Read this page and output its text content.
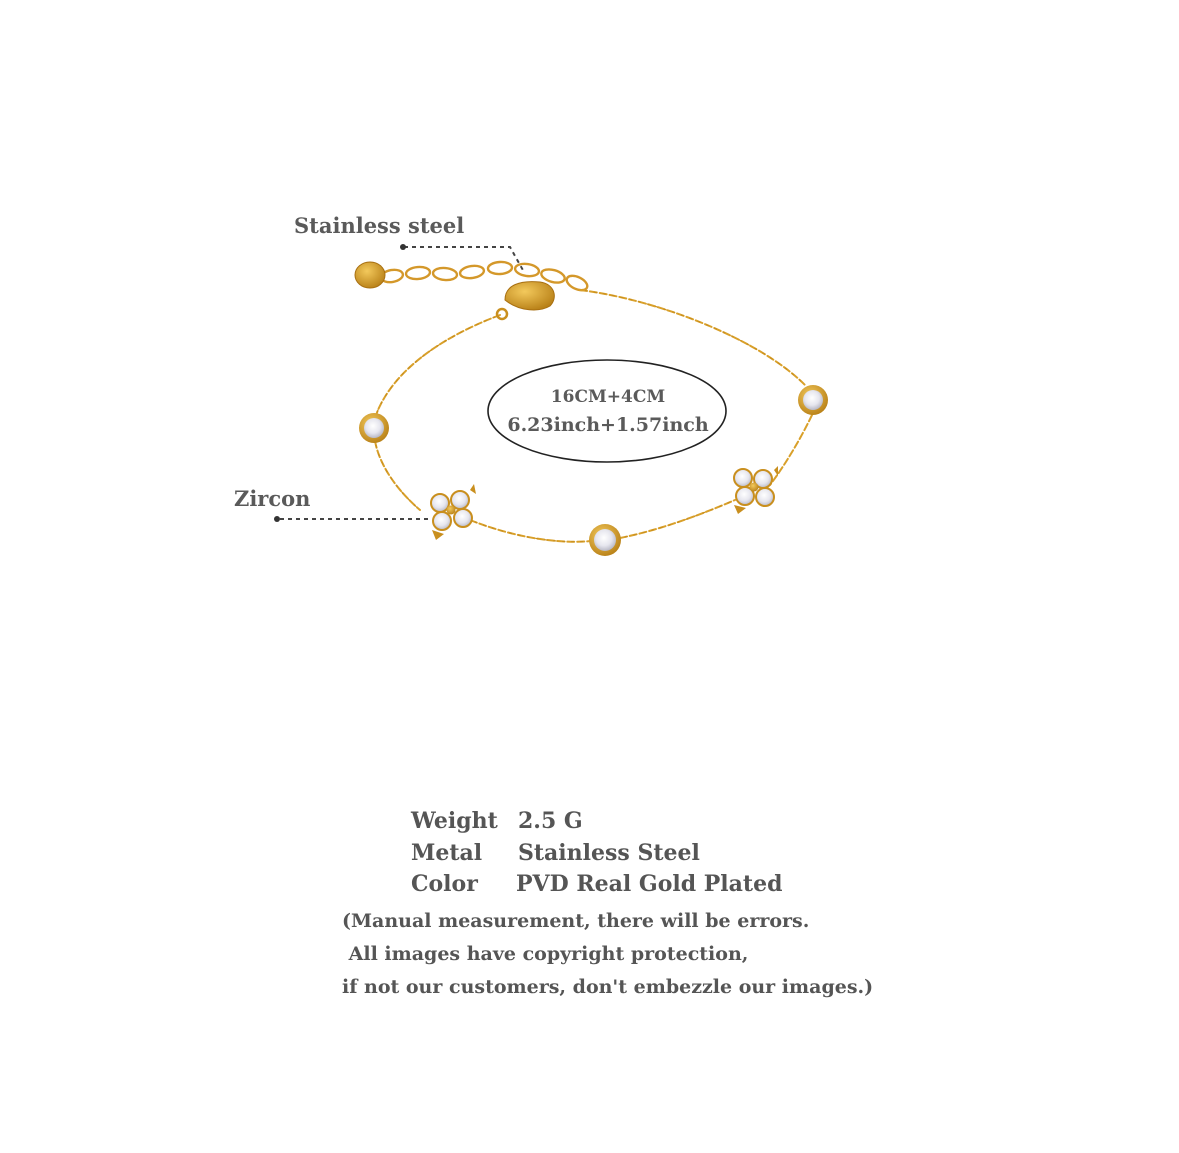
Stainless steel
Zircon
16CM+4CM
6.23inch+1.57inch
Weight 2.5 G
Metal Stainless Steel
Color PVD Real Gold Plated
(Manual measurement, there will be errors.
All images have copyright protection,
if not our customers, don't embezzle our images.)
